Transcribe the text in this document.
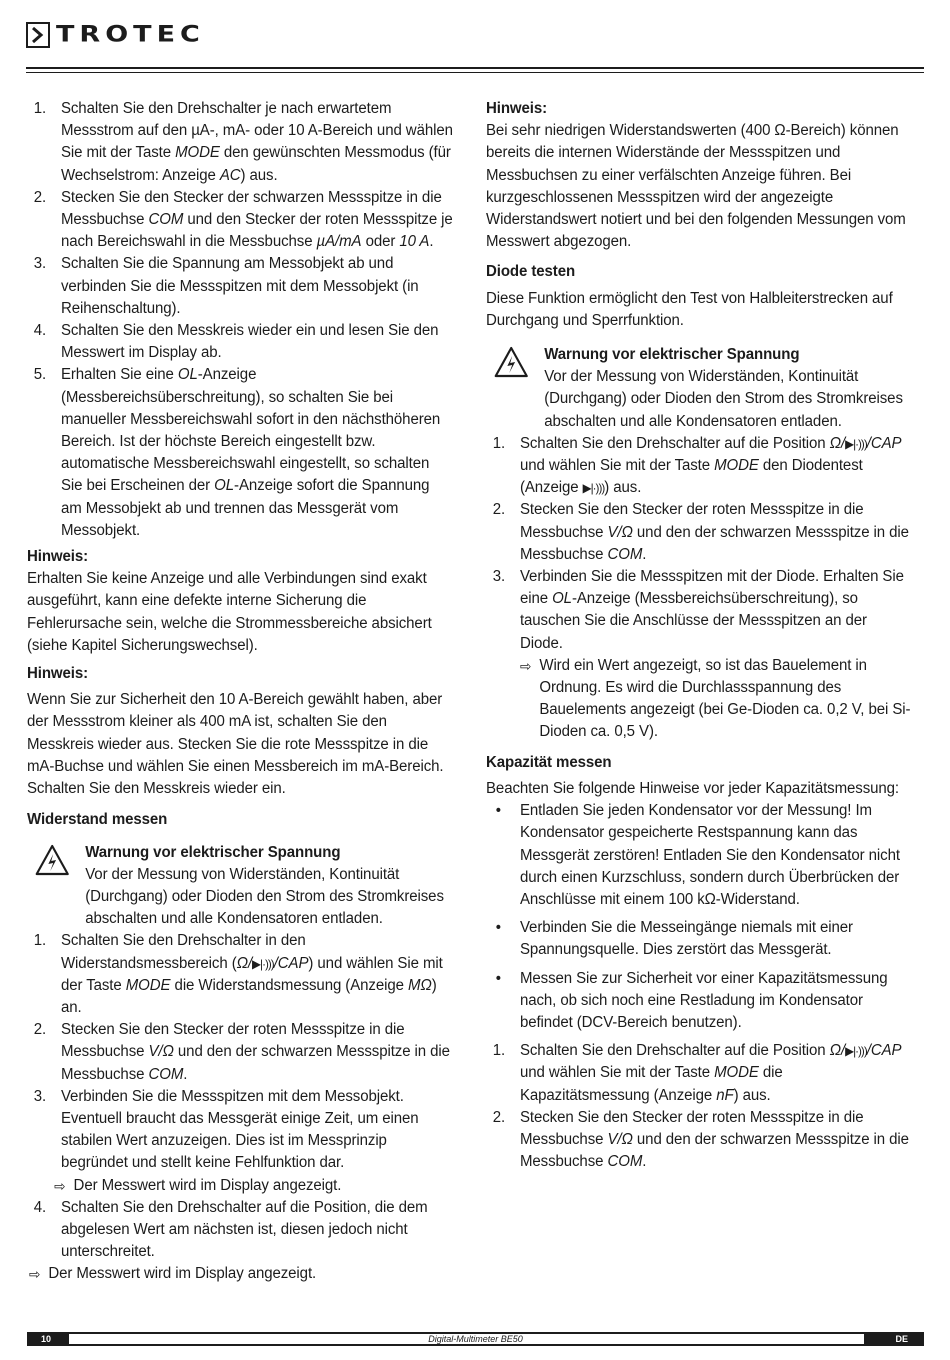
TROTEC
1. Schalten Sie den Drehschalter je nach erwartetem Messstrom auf den µA-, mA- oder 10 A-Bereich und wählen Sie mit der Taste MODE den gewünschten Messmodus (für Wechselstrom: Anzeige AC) aus.
2. Stecken Sie den Stecker der schwarzen Messspitze in die Messbuchse COM und den Stecker der roten Messspitze je nach Bereichswahl in die Messbuchse µA/mA oder 10 A.
3. Schalten Sie die Spannung am Messobjekt ab und verbinden Sie die Messspitzen mit dem Messobjekt (in Reihenschaltung).
4. Schalten Sie den Messkreis wieder ein und lesen Sie den Messwert im Display ab.
5. Erhalten Sie eine OL-Anzeige (Messbereichsüberschreitung), so schalten Sie bei manueller Messbereichswahl sofort in den nächsthöheren Bereich. Ist der höchste Bereich eingestellt bzw. automatische Messbereichswahl eingestellt, so schalten Sie bei Erscheinen der OL-Anzeige sofort die Spannung am Messobjekt ab und trennen das Messgerät vom Messobjekt.
Hinweis:
Erhalten Sie keine Anzeige und alle Verbindungen sind exakt ausgeführt, kann eine defekte interne Sicherung die Fehlerursache sein, welche die Strommessbereiche absichert (siehe Kapitel Sicherungswechsel).
Hinweis:
Wenn Sie zur Sicherheit den 10 A-Bereich gewählt haben, aber der Messstrom kleiner als 400 mA ist, schalten Sie den Messkreis wieder aus. Stecken Sie die rote Messspitze in die mA-Buchse und wählen Sie einen Messbereich im mA-Bereich. Schalten Sie den Messkreis wieder ein.
Widerstand messen
Warnung vor elektrischer Spannung
Vor der Messung von Widerständen, Kontinuität (Durchgang) oder Dioden den Strom des Stromkreises abschalten und alle Kondensatoren entladen.
1. Schalten Sie den Drehschalter in den Widerstandsmessbereich (Ω/▶|·)))/CAP) und wählen Sie mit der Taste MODE die Widerstandsmessung (Anzeige MΩ) an.
2. Stecken Sie den Stecker der roten Messspitze in die Messbuchse V/Ω und den der schwarzen Messspitze in die Messbuchse COM.
3. Verbinden Sie die Messspitzen mit dem Messobjekt. Eventuell braucht das Messgerät einige Zeit, um einen stabilen Wert anzuzeigen. Dies ist im Messprinzip begründet und stellt keine Fehlfunktion dar.
⇨ Der Messwert wird im Display angezeigt.
4. Schalten Sie den Drehschalter auf die Position, die dem abgelesen Wert am nächsten ist, diesen jedoch nicht unterschreitet.
⇨ Der Messwert wird im Display angezeigt.
Hinweis:
Bei sehr niedrigen Widerstandswerten (400 Ω-Bereich) können bereits die internen Widerstände der Messspitzen und Messbuchsen zu einer verfälschten Anzeige führen. Bei kurzgeschlossenen Messspitzen wird der angezeigte Widerstandswert notiert und bei den folgenden Messungen vom Messwert abgezogen.
Diode testen
Diese Funktion ermöglicht den Test von Halbleiterstrecken auf Durchgang und Sperrfunktion.
Warnung vor elektrischer Spannung
Vor der Messung von Widerständen, Kontinuität (Durchgang) oder Dioden den Strom des Stromkreises abschalten und alle Kondensatoren entladen.
1. Schalten Sie den Drehschalter auf die Position Ω/▶|·)))/CAP und wählen Sie mit der Taste MODE den Diodentest (Anzeige ▶|·)))) aus.
2. Stecken Sie den Stecker der roten Messspitze in die Messbuchse V/Ω und den der schwarzen Messspitze in die Messbuchse COM.
3. Verbinden Sie die Messspitzen mit der Diode. Erhalten Sie eine OL-Anzeige (Messbereichsüberschreitung), so tauschen Sie die Anschlüsse der Messspitzen an der Diode.
⇨ Wird ein Wert angezeigt, so ist das Bauelement in Ordnung. Es wird die Durchlassspannung des Bauelements angezeigt (bei Ge-Dioden ca. 0,2 V, bei Si-Dioden ca. 0,5 V).
Kapazität messen
Beachten Sie folgende Hinweise vor jeder Kapazitätsmessung:
•	Entladen Sie jeden Kondensator vor der Messung! Im Kondensator gespeicherte Restspannung kann das Messgerät zerstören! Entladen Sie den Kondensator nicht durch einen Kurzschluss, sondern durch Überbrücken der Anschlüsse mit einem 100 kΩ-Widerstand.
•	Verbinden Sie die Messeingänge niemals mit einer Spannungsquelle. Dies zerstört das Messgerät.
•	Messen Sie zur Sicherheit vor einer Kapazitätsmessung nach, ob sich noch eine Restladung im Kondensator befindet (DCV-Bereich benutzen).
1. Schalten Sie den Drehschalter auf die Position Ω/▶|·)))/CAP und wählen Sie mit der Taste MODE die Kapazitätsmessung (Anzeige nF) aus.
2. Stecken Sie den Stecker der roten Messspitze in die Messbuchse V/Ω und den der schwarzen Messspitze in die Messbuchse COM.
10	Digital-Multimeter BE50	DE
